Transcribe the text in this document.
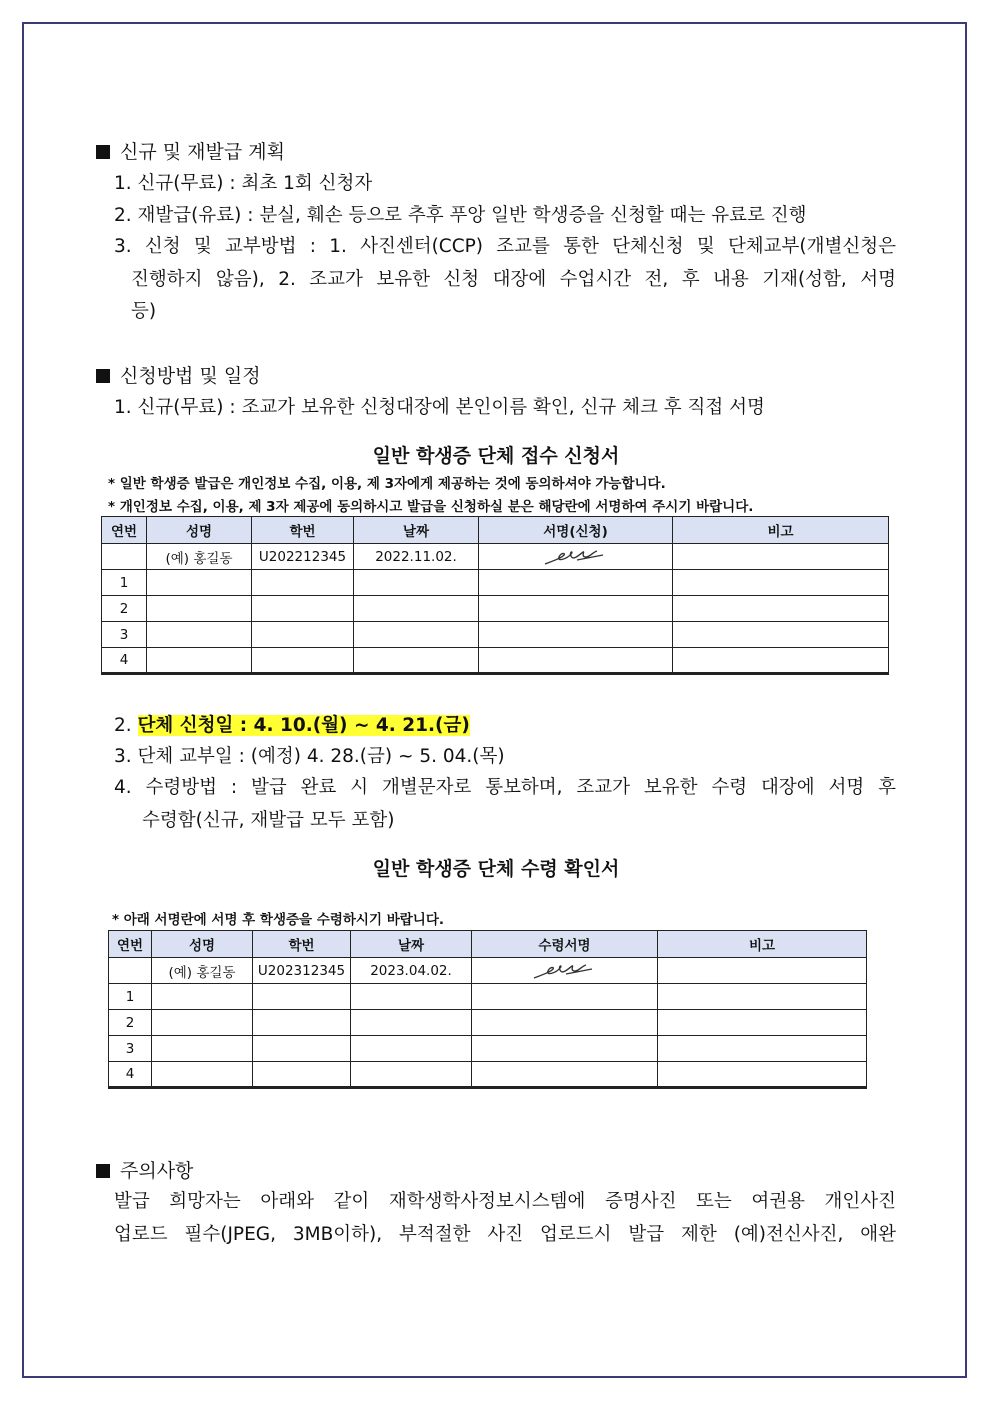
신규 및 재발급 계획
1. 신규(무료) : 최초 1회 신청자
2. 재발급(유료) : 분실, 훼손 등으로 추후 푸앙 일반 학생증을 신청할 때는 유료로 진행
3. 신청 및 교부방법 : 1. 사진센터(CCP) 조교를 통한 단체신청 및 단체교부(개별신청은
진행하지 않음), 2. 조교가 보유한 신청 대장에 수업시간 전, 후 내용 기재(성함, 서명
등)
신청방법 및 일정
1. 신규(무료) : 조교가 보유한 신청대장에 본인이름 확인, 신규 체크 후 직접 서명
일반 학생증 단체 접수 신청서
* 일반 학생증 발급은 개인정보 수집, 이용, 제 3자에게 제공하는 것에 동의하셔야 가능합니다.
* 개인정보 수집, 이용, 제 3자 제공에 동의하시고 발급을 신청하실 분은 해당란에 서명하여 주시기 바랍니다.
연번	성명	학번	날짜	서명(신청)	비고
	(예) 홍길동	U202212345	2022.11.02.	

1					
2					
3					
4					
2. 단체 신청일 : 4. 10.(월) ~ 4. 21.(금)
3. 단체 교부일 : (예정) 4. 28.(금) ~ 5. 04.(목)
4. 수령방법 : 발급 완료 시 개별문자로 통보하며, 조교가 보유한 수령 대장에 서명 후
수령함(신규, 재발급 모두 포함)
일반 학생증 단체 수령 확인서
* 아래 서명란에 서명 후 학생증을 수령하시기 바랍니다.
연번	성명	학번	날짜	수령서명	비고
	(예) 홍길동	U202312345	2023.04.02.	

1					
2					
3					
4					
주의사항
발급 희망자는 아래와 같이 재학생학사정보시스템에 증명사진 또는 여권용 개인사진
업로드 필수(JPEG, 3MB이하), 부적절한 사진 업로드시 발급 제한 (예)전신사진, 애완
